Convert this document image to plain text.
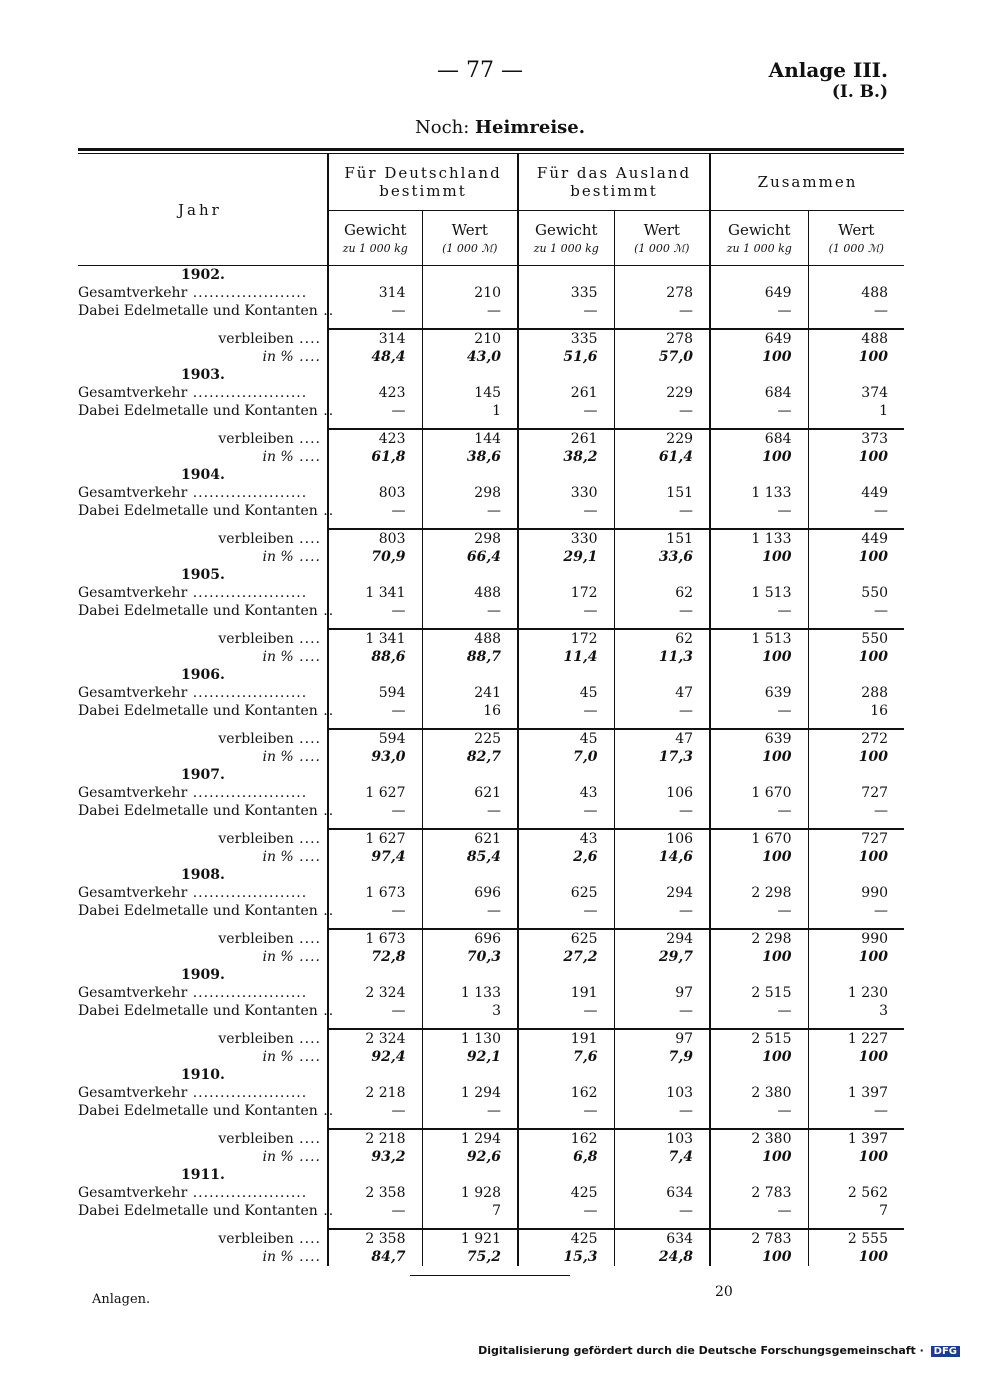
— 77 —	Anlage III.
(I. B.)
Noch: Heimreise.
Jahr	Für Deutschland bestimmt		Für das Ausland bestimmt		Zusammen	
	Gewicht	Wert	Gewicht	Wert	Gewicht	Wert
	zu 1 000 kg	(1 000 ℳ)	zu 1 000 kg	(1 000 ℳ)	zu 1 000 kg	(1 000 ℳ)
1902.						
Gesamtverkehr .....................	314	210	335	278	649	488
Dabei Edelmetalle und Kontanten ..	—	—	—	—	—	—

verbleiben ....	314	210	335	278	649	488
in % ....	48,4	43,0	51,6	57,0	100	100
1903.						
Gesamtverkehr .....................	423	145	261	229	684	374
Dabei Edelmetalle und Kontanten ..	—	1	—	—	—	1

verbleiben ....	423	144	261	229	684	373
in % ....	61,8	38,6	38,2	61,4	100	100
1904.						
Gesamtverkehr .....................	803	298	330	151	1 133	449
Dabei Edelmetalle und Kontanten ..	—	—	—	—	—	—

verbleiben ....	803	298	330	151	1 133	449
in % ....	70,9	66,4	29,1	33,6	100	100
1905.						
Gesamtverkehr .....................	1 341	488	172	62	1 513	550
Dabei Edelmetalle und Kontanten ..	—	—	—	—	—	—

verbleiben ....	1 341	488	172	62	1 513	550
in % ....	88,6	88,7	11,4	11,3	100	100
1906.						
Gesamtverkehr .....................	594	241	45	47	639	288
Dabei Edelmetalle und Kontanten ..	—	16	—	—	—	16

verbleiben ....	594	225	45	47	639	272
in % ....	93,0	82,7	7,0	17,3	100	100
1907.						
Gesamtverkehr .....................	1 627	621	43	106	1 670	727
Dabei Edelmetalle und Kontanten ..	—	—	—	—	—	—

verbleiben ....	1 627	621	43	106	1 670	727
in % ....	97,4	85,4	2,6	14,6	100	100
1908.						
Gesamtverkehr .....................	1 673	696	625	294	2 298	990
Dabei Edelmetalle und Kontanten ..	—	—	—	—	—	—

verbleiben ....	1 673	696	625	294	2 298	990
in % ....	72,8	70,3	27,2	29,7	100	100
1909.						
Gesamtverkehr .....................	2 324	1 133	191	97	2 515	1 230
Dabei Edelmetalle und Kontanten ..	—	3	—	—	—	3

verbleiben ....	2 324	1 130	191	97	2 515	1 227
in % ....	92,4	92,1	7,6	7,9	100	100
1910.						
Gesamtverkehr .....................	2 218	1 294	162	103	2 380	1 397
Dabei Edelmetalle und Kontanten ..	—	—	—	—	—	—

verbleiben ....	2 218	1 294	162	103	2 380	1 397
in % ....	93,2	92,6	6,8	7,4	100	100
1911.						
Gesamtverkehr .....................	2 358	1 928	425	634	2 783	2 562
Dabei Edelmetalle und Kontanten ..	—	7	—	—	—	7

verbleiben ....	2 358	1 921	425	634	2 783	2 555
in % ....	84,7	75,2	15,3	24,8	100	100
Anlagen.	20
Digitalisierung gefördert durch die Deutsche Forschungsgemeinschaft · DFG
